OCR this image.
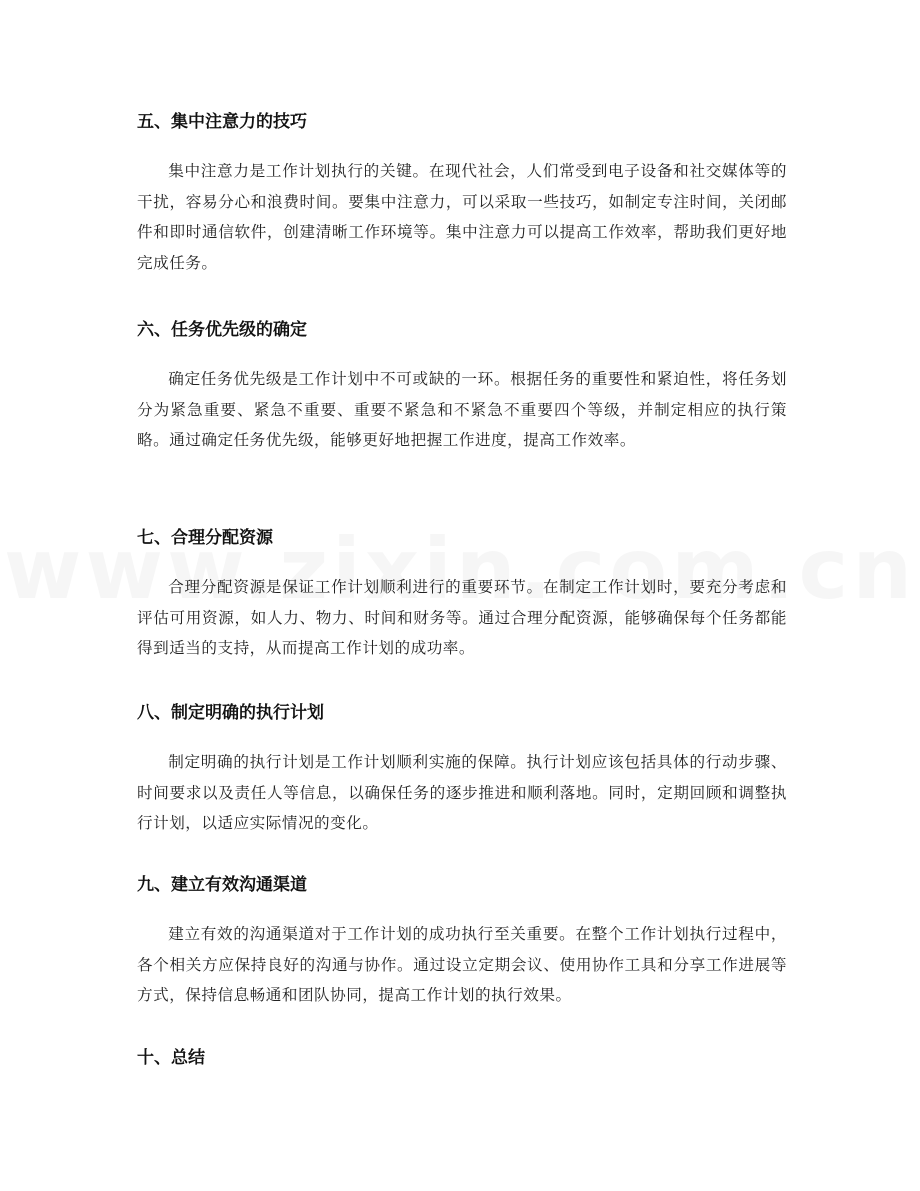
五、集中注意力的技巧

集中注意力是工作计划执行的关键。在现代社会，人们常受到电子设备和社交媒体等的干扰，容易分心和浪费时间。要集中注意力，可以采取一些技巧，如制定专注时间，关闭邮件和即时通信软件，创建清晰工作环境等。集中注意力可以提高工作效率，帮助我们更好地完成任务。

六、任务优先级的确定

确定任务优先级是工作计划中不可或缺的一环。根据任务的重要性和紧迫性，将任务划分为紧急重要、紧急不重要、重要不紧急和不紧急不重要四个等级，并制定相应的执行策略。通过确定任务优先级，能够更好地把握工作进度，提高工作效率。

七、合理分配资源

合理分配资源是保证工作计划顺利进行的重要环节。在制定工作计划时，要充分考虑和评估可用资源，如人力、物力、时间和财务等。通过合理分配资源，能够确保每个任务都能得到适当的支持，从而提高工作计划的成功率。

八、制定明确的执行计划

制定明确的执行计划是工作计划顺利实施的保障。执行计划应该包括具体的行动步骤、时间要求以及责任人等信息，以确保任务的逐步推进和顺利落地。同时，定期回顾和调整执行计划，以适应实际情况的变化。

九、建立有效沟通渠道

建立有效的沟通渠道对于工作计划的成功执行至关重要。在整个工作计划执行过程中，各个相关方应保持良好的沟通与协作。通过设立定期会议、使用协作工具和分享工作进展等方式，保持信息畅通和团队协同，提高工作计划的执行效果。

十、总结
